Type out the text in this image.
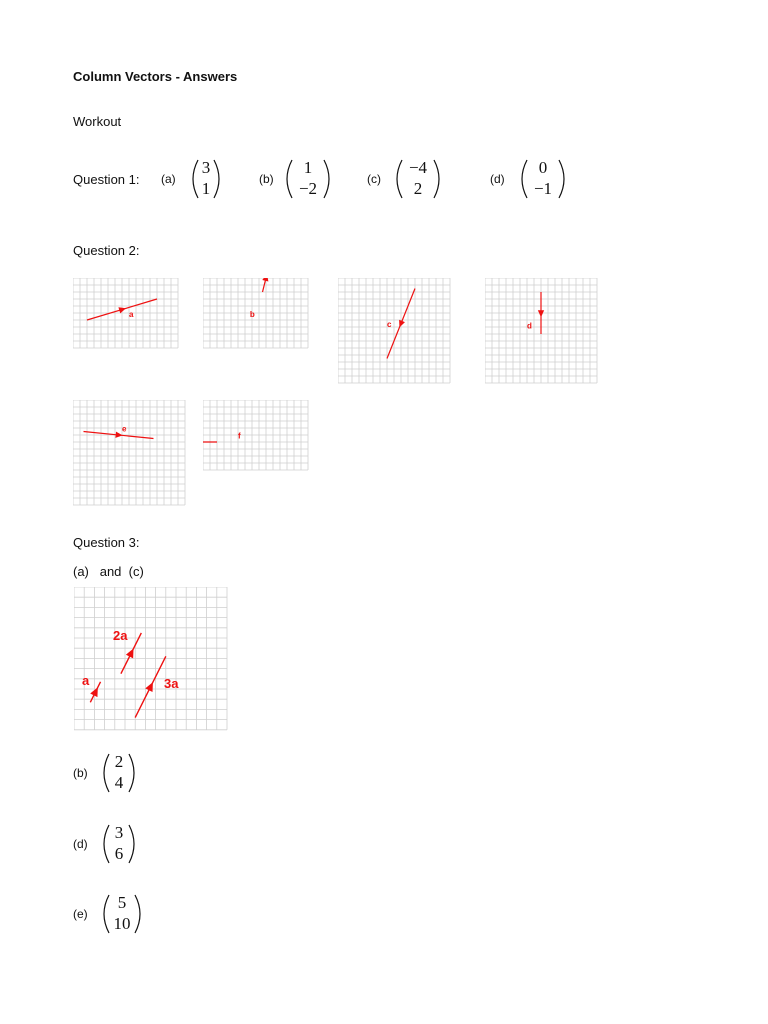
Column Vectors - Answers
Workout
Question 1: (a)
3
1	(b)
1
−2	(c)
−4
2	(d)
0
−1
Question 2:
a	b
c	d
e
f
Question 3:
(a)   and  (c)
a
2a
3a
(b)
2
4
(d)
3
6
(e)
5
10
